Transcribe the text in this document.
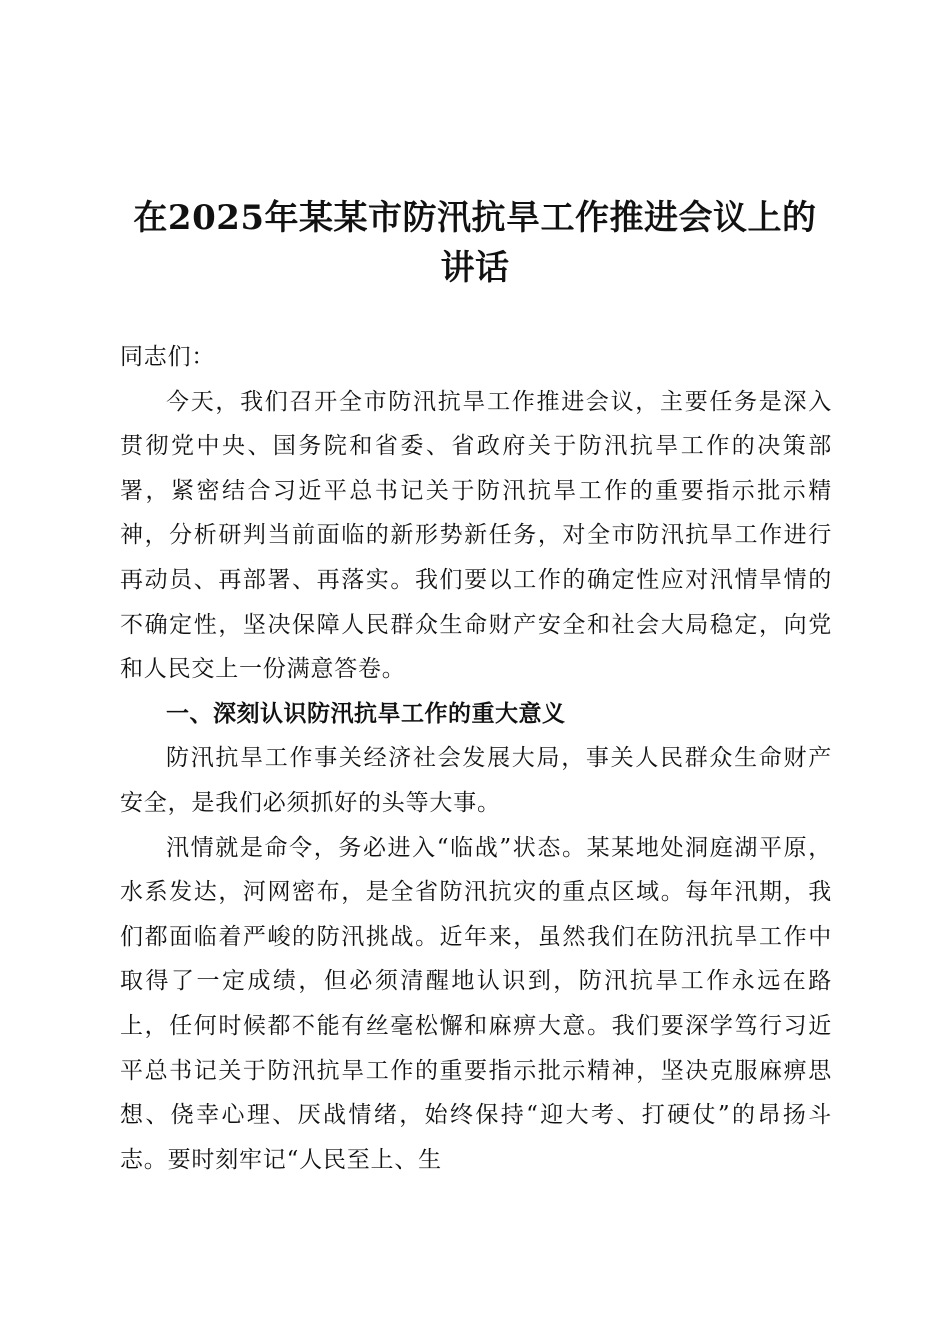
在2025年某某市防汛抗旱工作推进会议上的
讲话

同志们：

今天，我们召开全市防汛抗旱工作推进会议，主要任务是深入贯彻党中央、国务院和省委、省政府关于防汛抗旱工作的决策部署，紧密结合习近平总书记关于防汛抗旱工作的重要指示批示精神，分析研判当前面临的新形势新任务，对全市防汛抗旱工作进行再动员、再部署、再落实。我们要以工作的确定性应对汛情旱情的不确定性，坚决保障人民群众生命财产安全和社会大局稳定，向党和人民交上一份满意答卷。

一、深刻认识防汛抗旱工作的重大意义

防汛抗旱工作事关经济社会发展大局，事关人民群众生命财产安全，是我们必须抓好的头等大事。

汛情就是命令，务必进入“临战”状态。某某地处洞庭湖平原，水系发达，河网密布，是全省防汛抗灾的重点区域。每年汛期，我们都面临着严峻的防汛挑战。近年来，虽然我们在防汛抗旱工作中取得了一定成绩，但必须清醒地认识到，防汛抗旱工作永远在路上，任何时候都不能有丝毫松懈和麻痹大意。我们要深学笃行习近平总书记关于防汛抗旱工作的重要指示批示精神，坚决克服麻痹思想、侥幸心理、厌战情绪，始终保持“迎大考、打硬仗”的昂扬斗志。要时刻牢记“人民至上、生
